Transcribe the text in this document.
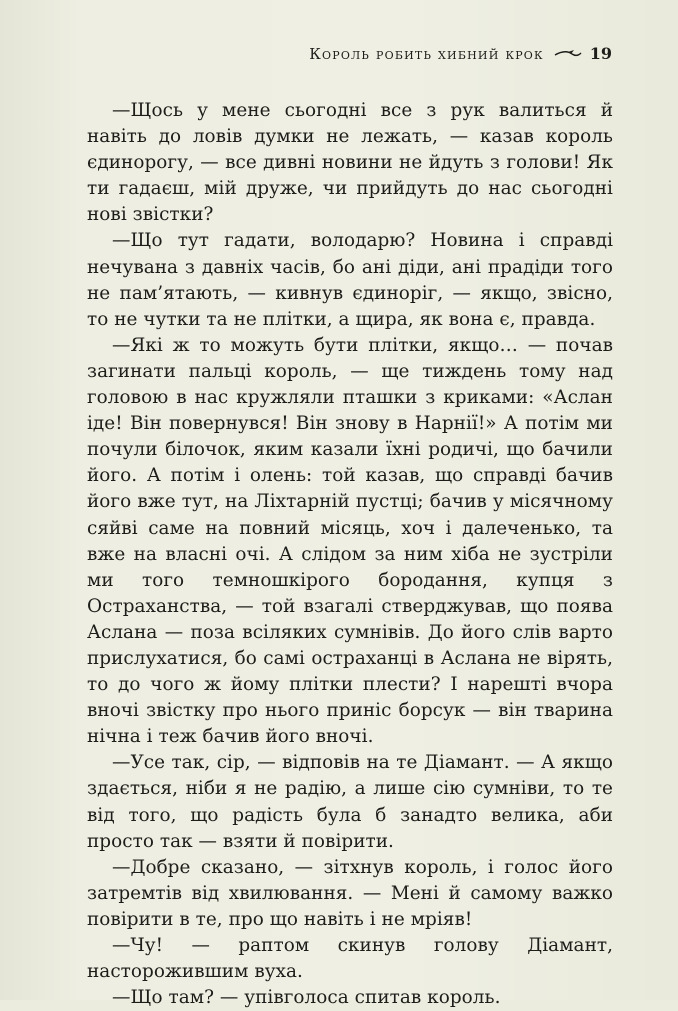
Король робить хибний крок	19

—Щось у мене сьогодні все з рук валиться й навіть до ловів думки не лежать, — казав король єдинорогу, — все дивні новини не йдуть з голови! Як ти гадаєш, мій друже, чи прийдуть до нас сьогодні нові звістки?

—Що тут гадати, володарю? Новина і справді нечувана з давніх часів, бо ані діди, ані прадіди того не пам’ятають, — кивнув єдиноріг, — якщо, звісно, то не чутки та не плітки, а щира, як вона є, правда.

—Які ж то можуть бути плітки, якщо… — почав загинати пальці король, — ще тиждень тому над головою в нас кружляли пташки з криками: «Аслан іде! Він повернувся! Він знову в Нарнії!» А потім ми почули білочок, яким казали їхні родичі, що бачили його. А потім і олень: той казав, що справді бачив його вже тут, на Ліхтарній пустці; бачив у місячному сяйві саме на повний місяць, хоч і далеченько, та вже на власні очі. А слідом за ним хіба не зустріли ми того темношкірого бородання, купця з Остраханства, — той взагалі стверджував, що поява Аслана — поза всіляких сумнівів. До його слів варто прислухатися, бо самі остраханці в Аслана не вірять, то до чого ж йому плітки плести? І нарешті вчора вночі звістку про нього приніс борсук — він тварина нічна і теж бачив його вночі.

—Усе так, сір, — відповів на те Діамант. — А якщо здається, ніби я не радію, а лише сію сумніви, то те від того, що радість була б занадто велика, аби просто так — взяти й повірити.

—Добре сказано, — зітхнув король, і голос його затремтів від хвилювання. — Мені й самому важко повірити в те, про що навіть і не мріяв!

—Чу! — раптом скинув голову Діамант, насторожившим вуха.

—Що там? — упівголоса спитав король.
